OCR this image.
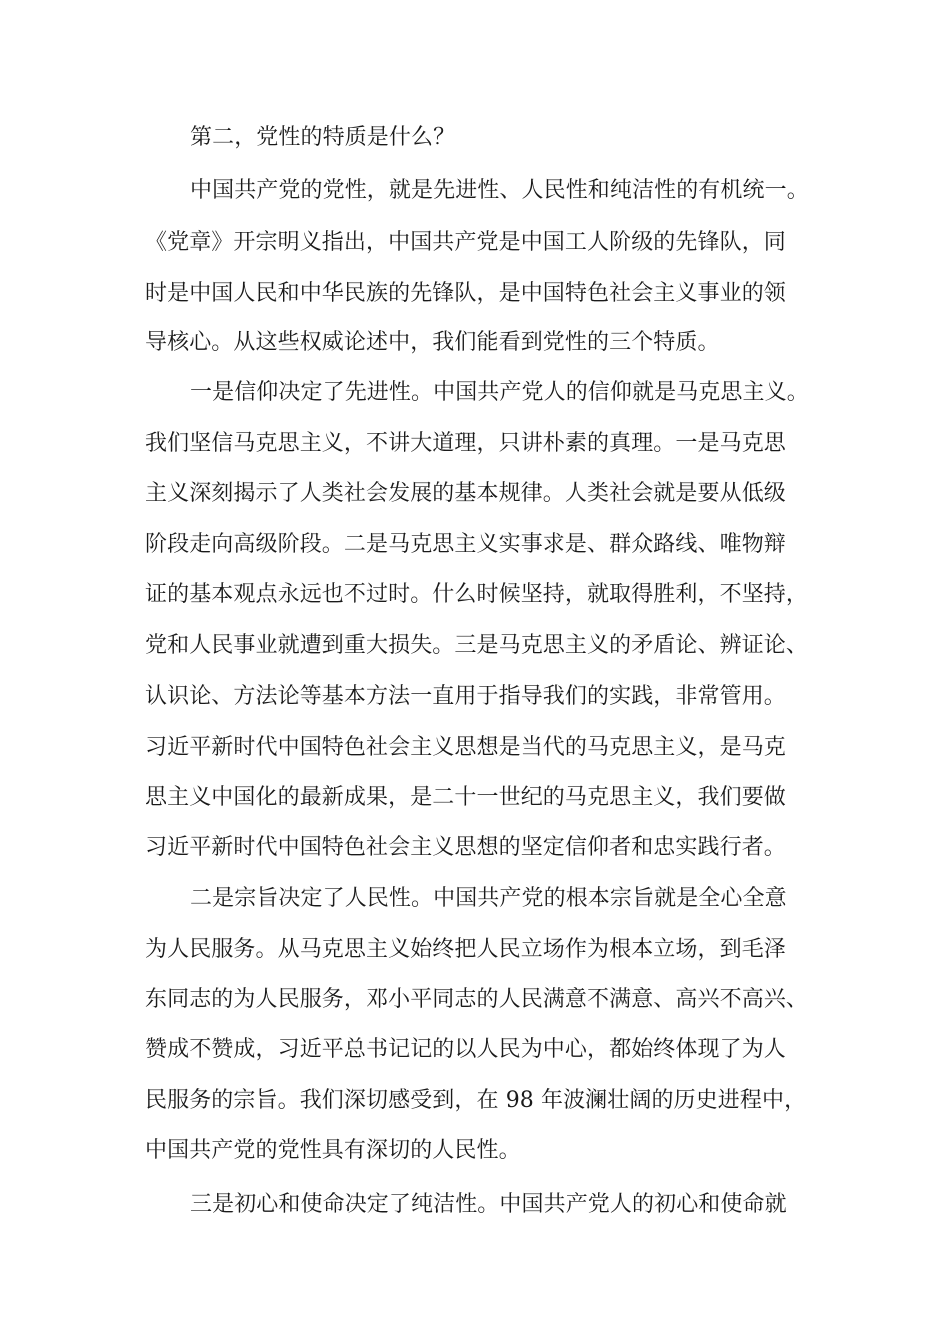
第二，党性的特质是什么？
中国共产党的党性，就是先进性、人民性和纯洁性的有机统一。
《党章》开宗明义指出，中国共产党是中国工人阶级的先锋队，同
时是中国人民和中华民族的先锋队，是中国特色社会主义事业的领
导核心。从这些权威论述中，我们能看到党性的三个特质。
一是信仰决定了先进性。中国共产党人的信仰就是马克思主义。
我们坚信马克思主义，不讲大道理，只讲朴素的真理。一是马克思
主义深刻揭示了人类社会发展的基本规律。人类社会就是要从低级
阶段走向高级阶段。二是马克思主义实事求是、群众路线、唯物辩
证的基本观点永远也不过时。什么时候坚持，就取得胜利，不坚持，
党和人民事业就遭到重大损失。三是马克思主义的矛盾论、辨证论、
认识论、方法论等基本方法一直用于指导我们的实践，非常管用。
习近平新时代中国特色社会主义思想是当代的马克思主义，是马克
思主义中国化的最新成果，是二十一世纪的马克思主义，我们要做
习近平新时代中国特色社会主义思想的坚定信仰者和忠实践行者。
二是宗旨决定了人民性。中国共产党的根本宗旨就是全心全意
为人民服务。从马克思主义始终把人民立场作为根本立场，到毛泽
东同志的为人民服务，邓小平同志的人民满意不满意、高兴不高兴、
赞成不赞成，习近平总书记记的以人民为中心，都始终体现了为人
民服务的宗旨。我们深切感受到，在 98 年波澜壮阔的历史进程中，
中国共产党的党性具有深切的人民性。
三是初心和使命决定了纯洁性。中国共产党人的初心和使命就
